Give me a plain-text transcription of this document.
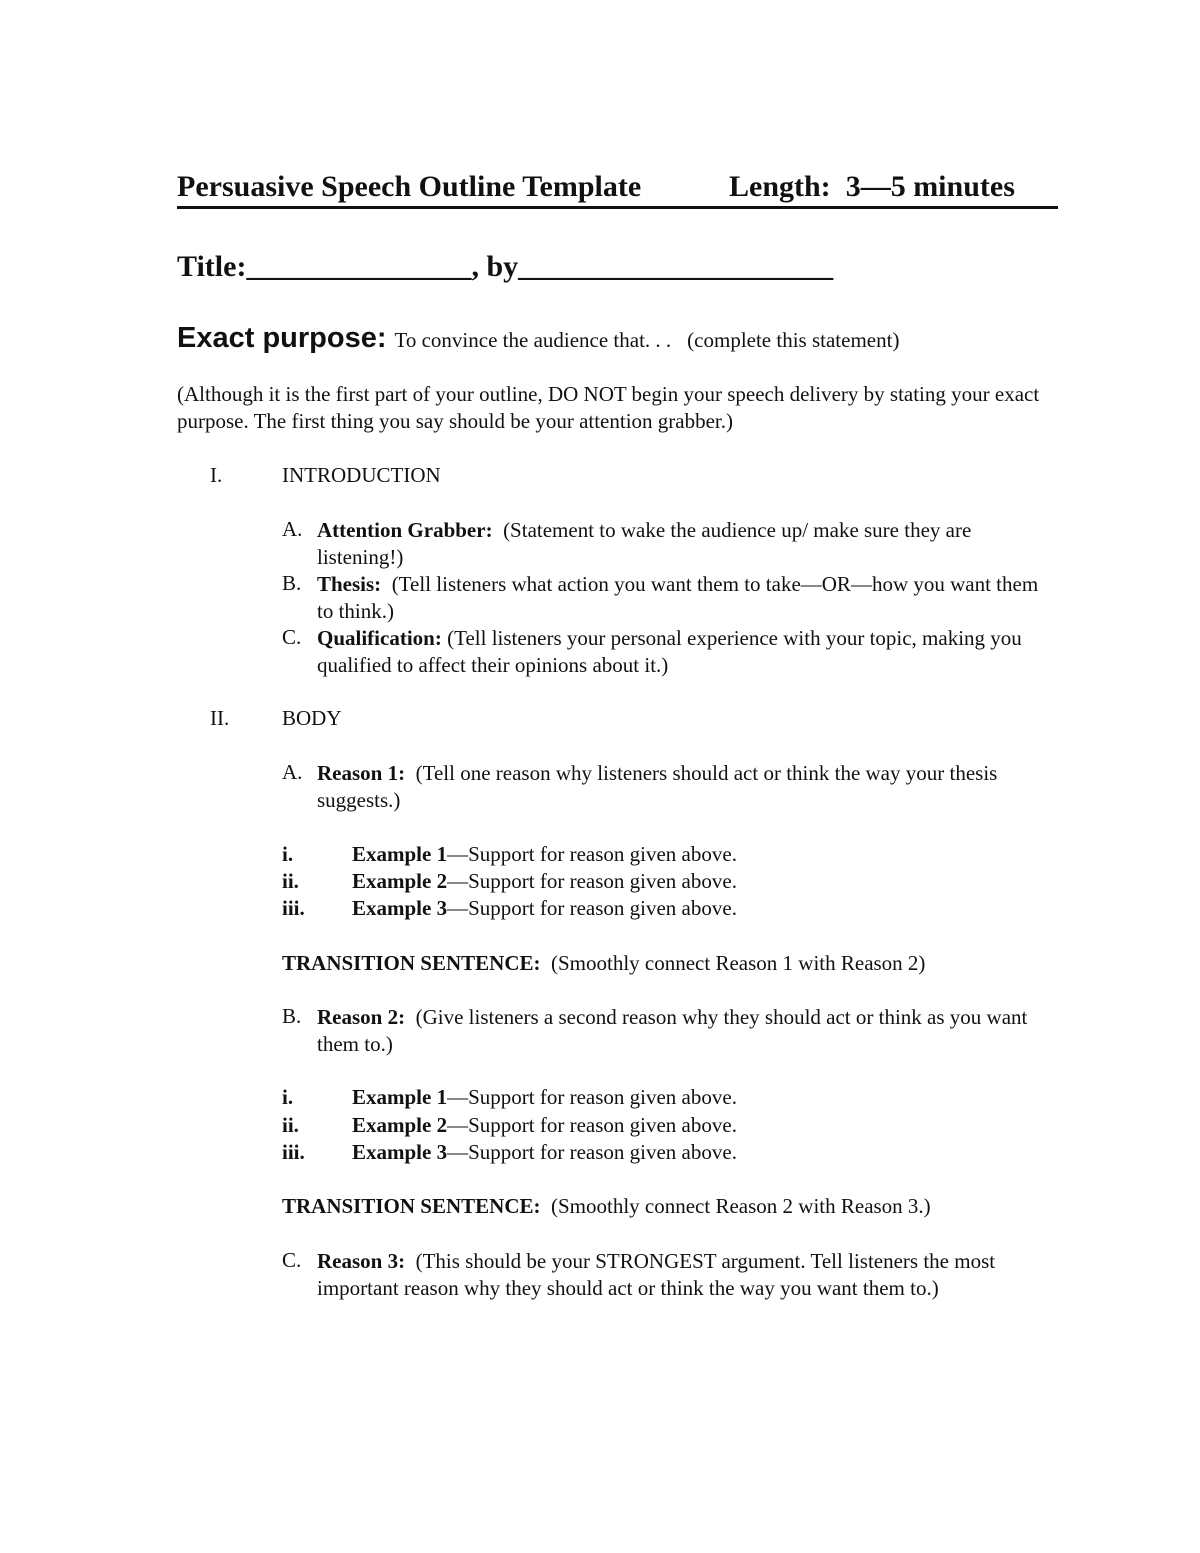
Persuasive Speech Outline Template	Length: 3—5 minutes
Title:_______________, by_____________________
Exact purpose: To convince the audience that. . . (complete this statement)
(Although it is the first part of your outline, DO NOT begin your speech delivery by stating your exact purpose. The first thing you say should be your attention grabber.)
I.	INTRODUCTION
A. Attention Grabber: (Statement to wake the audience up/ make sure they are listening!)
B. Thesis: (Tell listeners what action you want them to take—OR—how you want them to think.)
C. Qualification: (Tell listeners your personal experience with your topic, making you qualified to affect their opinions about it.)
II.	BODY
A. Reason 1: (Tell one reason why listeners should act or think the way your thesis suggests.)
i.	Example 1—Support for reason given above.
ii.	Example 2—Support for reason given above.
iii. Example 3—Support for reason given above.
TRANSITION SENTENCE: (Smoothly connect Reason 1 with Reason 2)
B. Reason 2: (Give listeners a second reason why they should act or think as you want them to.)
i.	Example 1—Support for reason given above.
ii.	Example 2—Support for reason given above.
iii. Example 3—Support for reason given above.
TRANSITION SENTENCE: (Smoothly connect Reason 2 with Reason 3.)
C. Reason 3: (This should be your STRONGEST argument. Tell listeners the most important reason why they should act or think the way you want them to.)
